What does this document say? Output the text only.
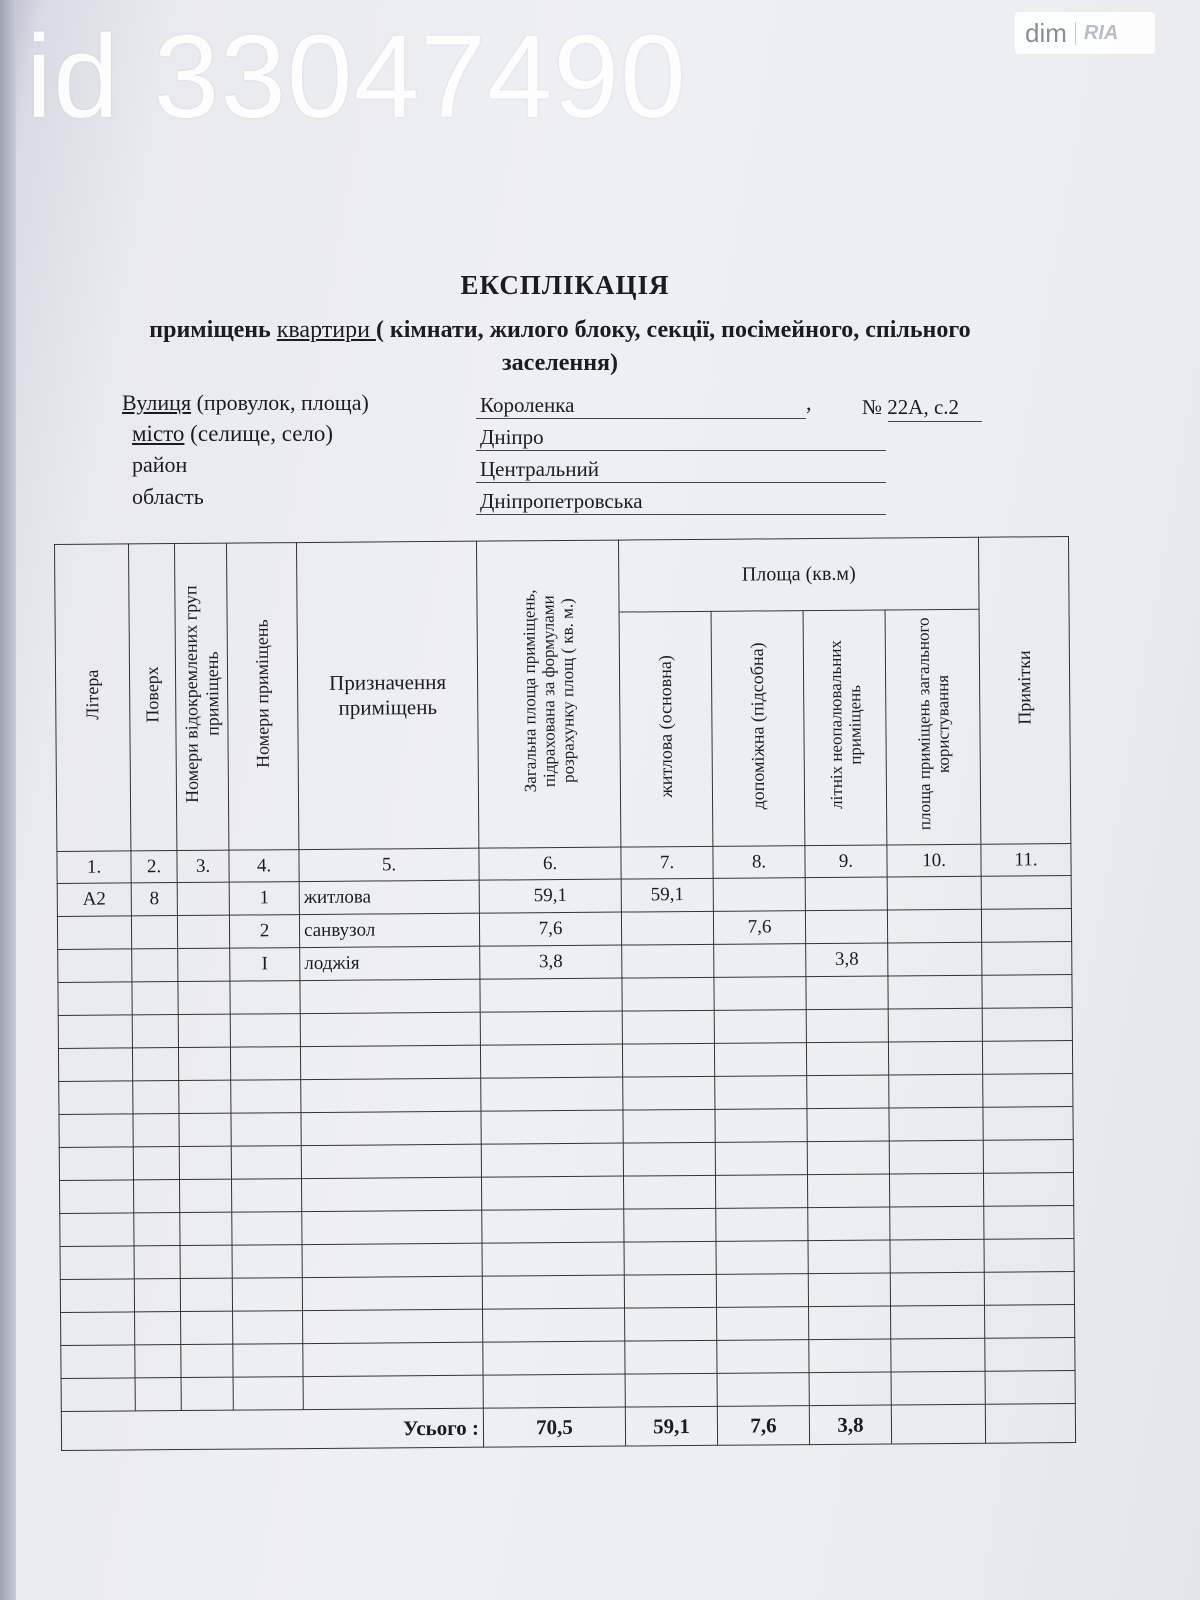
id 33047490	dim RIA
ЕКСПЛІКАЦІЯ
приміщень квартири ( кімнати, жилого блоку, секції, посімейного, спільного заселення)
Вулиця (провулок, площа)	Короленка	, № 22А, с.2
місто (селище, село)	Дніпро
район	Центральний
область	Дніпропетровська
Літера	Поверх	Номери відокремлених груп приміщень	Номери приміщень	Призначення приміщень	Загальна площа приміщень, підрахована за формулами розрахунку площ ( кв. м.)	Площа (кв.м)				Примітки
						житлова (основна)	допоміжна (підсобна)	літніх неопалювальних приміщень	площа приміщень загального користування	
1.	2.	3.	4.	5.	6.	7.	8.	9.	10.	11.
А2	8		1	житлова	59,1	59,1				
			2	санвузол	7,6		7,6			
			I	лоджія	3,8			3,8		

Усього :					70,5	59,1	7,6	3,8		
